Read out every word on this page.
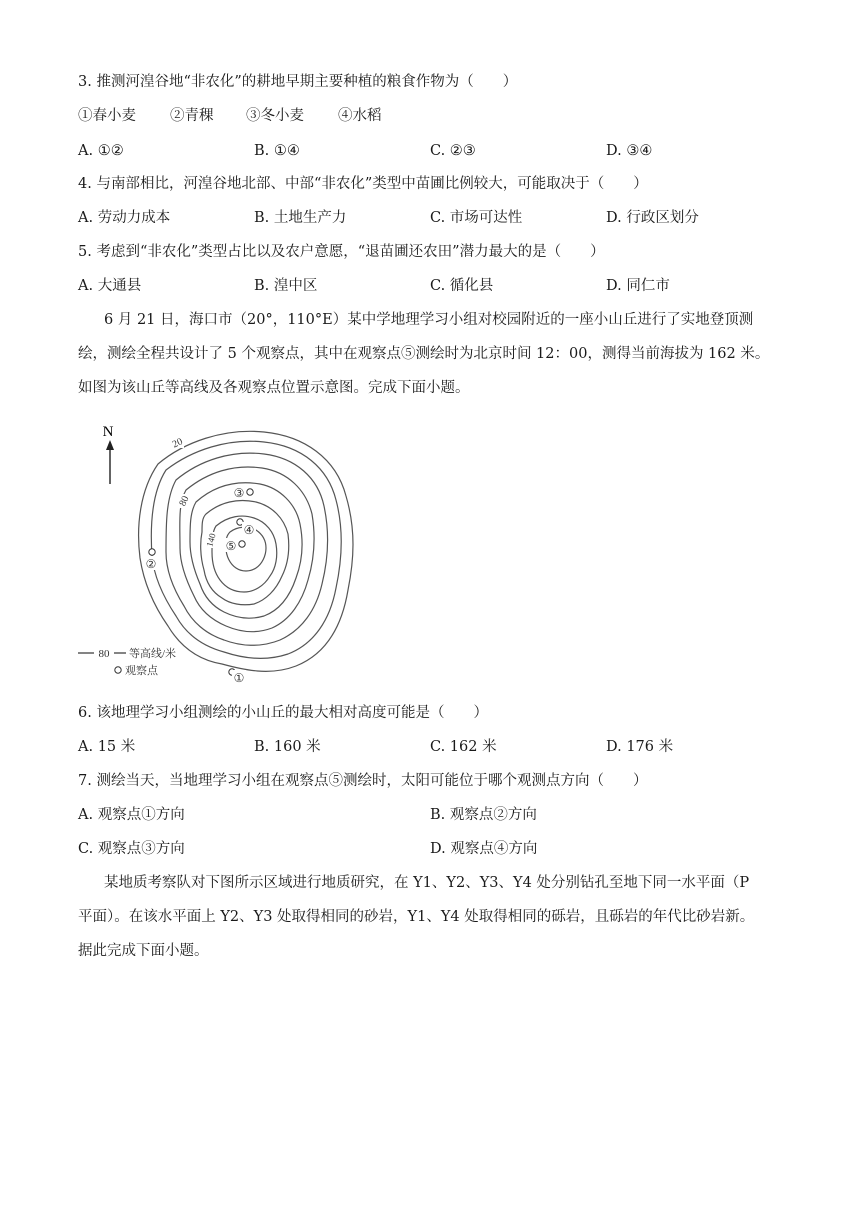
3. 推测河湟谷地“非农化”的耕地早期主要种植的粮食作物为（　　）
①春小麦 ②青稞 ③冬小麦 ④水稻
A. ①②	B. ①④	C. ②③	D. ③④
4. 与南部相比，河湟谷地北部、中部“非农化”类型中苗圃比例较大，可能取决于（　　）
A. 劳动力成本	B. 土地生产力	C. 市场可达性	D. 行政区划分
5. 考虑到“非农化”类型占比以及农户意愿，“退苗圃还农田”潜力最大的是（　　）
A. 大通县	B. 湟中区	C. 循化县	D. 同仁市
6 月 21 日，海口市（20°，110°E）某中学地理学习小组对校园附近的一座小山丘进行了实地登顶测
绘，测绘全程共设计了 5 个观察点，其中在观察点⑤测绘时为北京时间 12：00，测得当前海拔为 162 米。
如图为该山丘等高线及各观察点位置示意图。完成下面小题。
N
20
80
140
①
②
③
④
⑤
80 等高线/米
观察点
6. 该地理学习小组测绘的小山丘的最大相对高度可能是（　　）
A. 15 米	B. 160 米	C. 162 米	D. 176 米
7. 测绘当天，当地理学习小组在观察点⑤测绘时，太阳可能位于哪个观测点方向（　　）
A. 观察点①方向	B. 观察点②方向
C. 观察点③方向	D. 观察点④方向
某地质考察队对下图所示区域进行地质研究，在 Y1、Y2、Y3、Y4 处分别钻孔至地下同一水平面（P
平面）。在该水平面上 Y2、Y3 处取得相同的砂岩，Y1、Y4 处取得相同的砾岩，且砾岩的年代比砂岩新。
据此完成下面小题。
